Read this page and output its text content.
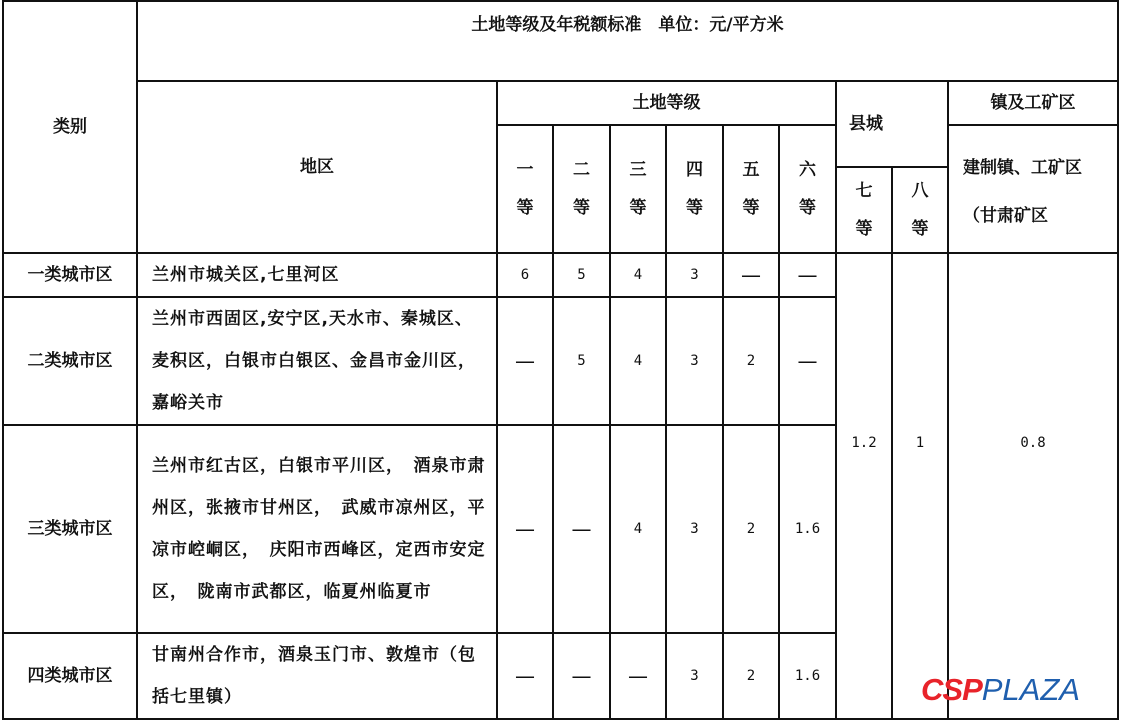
类别	土地等级及年税额标准　单位：元/平方米									
	地区	土地等级						县城		镇及工矿区
		一等	二等	三等	四等	五等	六等			建制镇、工矿区（甘肃矿区
								七等	八等	
一类城市区	兰州市城关区,七里河区	6	5	4	3	—	—	1.2	1	0.8
二类城市区	兰州市西固区,安宁区,天水市、秦城区、麦积区，白银市白银区、金昌市金川区，嘉峪关市	—	5	4	3	2	—			
三类城市区	兰州市红古区，白银市平川区，　酒泉市肃州区，张掖市甘州区，　武威市凉州区，平凉市崆峒区，　庆阳市西峰区，定西市安定区，　陇南市武都区，临夏州临夏市	—	—	4	3	2	1.6			
四类城市区	甘南州合作市，酒泉玉门市、敦煌市（包括七里镇）	—	—	—	3	2	1.6				CSPPLAZA
